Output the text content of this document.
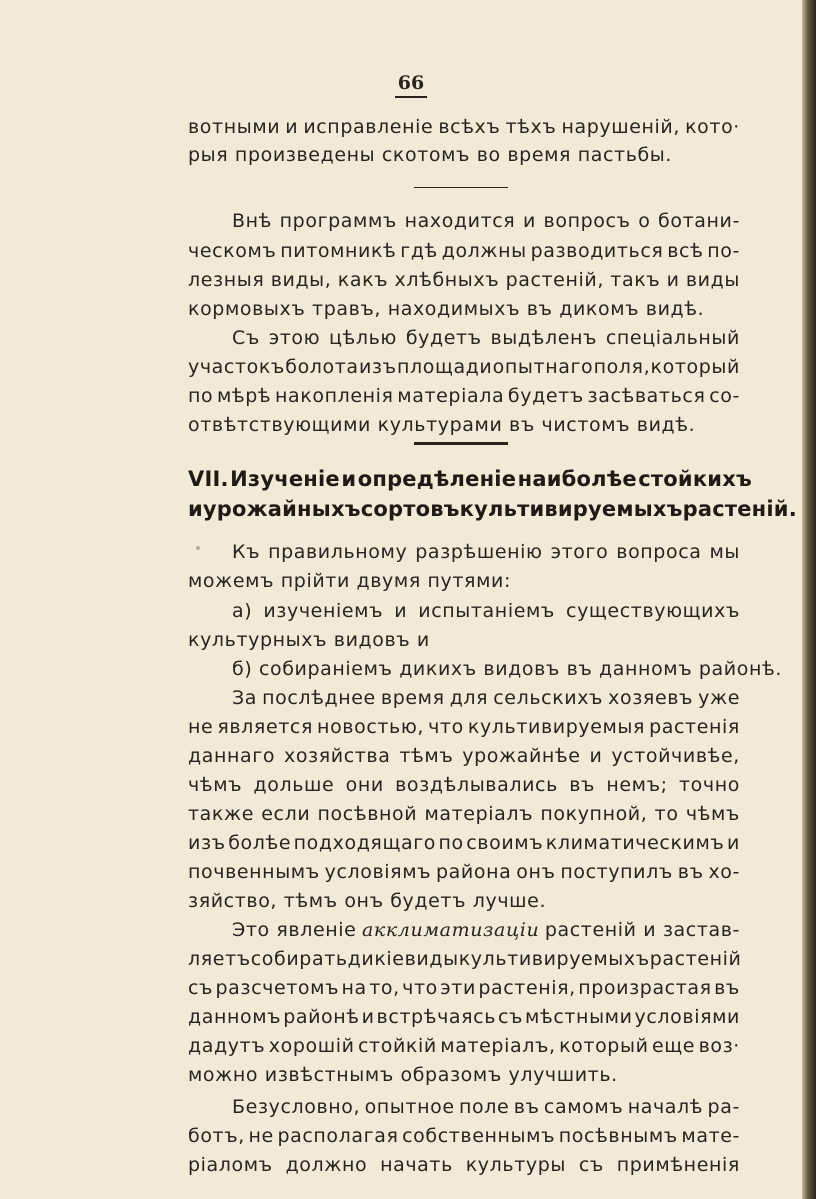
66
вотными и исправленіе всѣхъ тѣхъ нарушеній, кото·
рыя произведены скотомъ во время пастьбы.
Внѣ программъ находится и вопросъ о ботани-
ческомъ питомникѣ гдѣ должны разводиться всѣ по-
лезныя виды, какъ хлѣбныхъ растеній, такъ и виды
кормовыхъ травъ, находимыхъ въ дикомъ видѣ.
Съ этою цѣлью будетъ выдѣленъ спеціальный
участокъ болота изъ площади опытнаго поля, который
по мѣрѣ накопленія матеріала будетъ засѣваться со-
отвѣтствующими культурами въ чистомъ видѣ.
Къ правильному разрѣшенію этого вопроса мы
можемъ прійти двумя путями:
а) изученіемъ и испытаніемъ существующихъ
культурныхъ видовъ и
б) собираніемъ дикихъ видовъ въ данномъ районѣ.
За послѣднее время для сельскихъ хозяевъ уже
не является новостью, что культивируемыя растенія
даннаго хозяйства тѣмъ урожайнѣе и устойчивѣе,
чѣмъ дольше они воздѣлывались въ немъ; точно
также если посѣвной матеріалъ покупной, то чѣмъ
изъ болѣе подходящаго по своимъ климатическимъ и
почвеннымъ условіямъ района онъ поступилъ въ хо-
зяйство, тѣмъ онъ будетъ лучше.
Это явленіе акклиматизаціи растеній и застав-
ляетъ собирать дикіе виды культивируемыхъ растеній
съ разсчетомъ на то, что эти растенія, произрастая въ
данномъ районѣ и встрѣчаясь съ мѣстными условіями
дадутъ хорошій стойкій матеріалъ, который еще воз·
можно извѣстнымъ образомъ улучшить.
Безусловно, опытное поле въ самомъ началѣ ра-
ботъ, не располагая собственнымъ посѣвнымъ мате-
ріаломъ должно начать культуры съ примѣненія
VII. Изученіе и опредѣленіе наиболѣе стойкихъ
и урожайныхъ сортовъ культивируемыхъ растеній.
